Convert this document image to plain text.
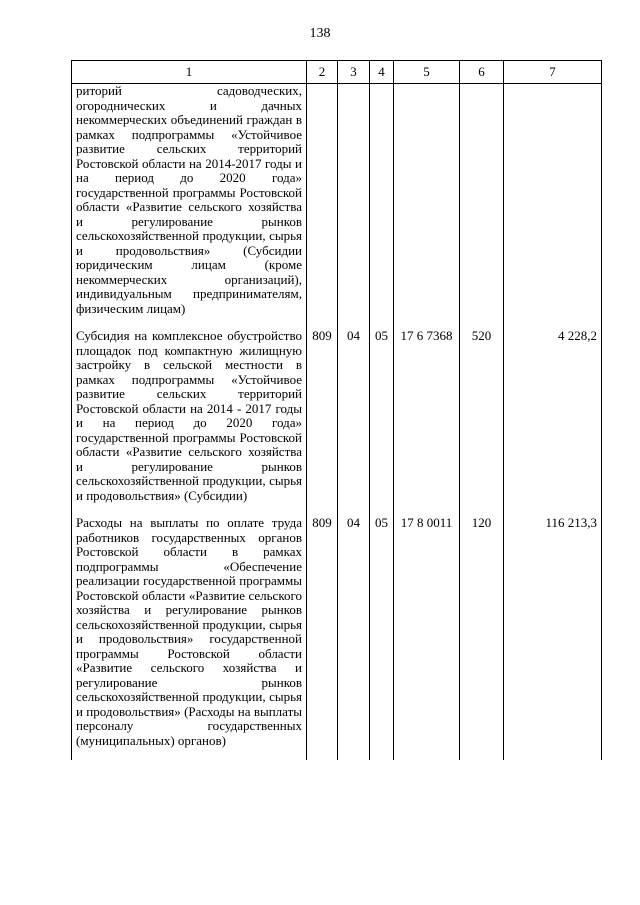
138
1	2	3	4	5	6	7
риторий садоводческих, огороднических и дачных некоммерческих объединений граждан в рамках подпрограммы «Устойчивое развитие сельских территорий Ростовской области на 2014-2017 годы и на период до 2020 года» государственной программы Ростовской области «Развитие сельского хозяйства и регулирование рынков сельскохозяйственной продукции, сырья и продовольствия» (Субсидии юридическим лицам (кроме некоммерческих организаций), индивидуальным предпринимателям, физическим лицам)						
Субсидия на комплексное обустройство площадок под компактную жилищную застройку в сельской местности в рамках подпрограммы «Устойчивое развитие сельских территорий Ростовской области на 2014 - 2017 годы и на период до 2020 года» государственной программы Ростовской области «Развитие сельского хозяйства и регулирование рынков сельскохозяйственной продукции, сырья и продовольствия» (Субсидии)	809	04	05	17 6 7368	520	4 228,2
Расходы на выплаты по оплате труда работников государственных органов Ростовской области в рамках подпрограммы «Обеспечение реализации государственной программы Ростовской области «Развитие сельского хозяйства и регулирование рынков сельскохозяйственной продукции, сырья и продовольствия» государственной программы Ростовской области «Развитие сельского хозяйства и регулирование рынков сельскохозяйственной продукции, сырья и продовольствия» (Расходы на выплаты персоналу государственных (муниципальных) органов)	809	04	05	17 8 0011	120	116 213,3
